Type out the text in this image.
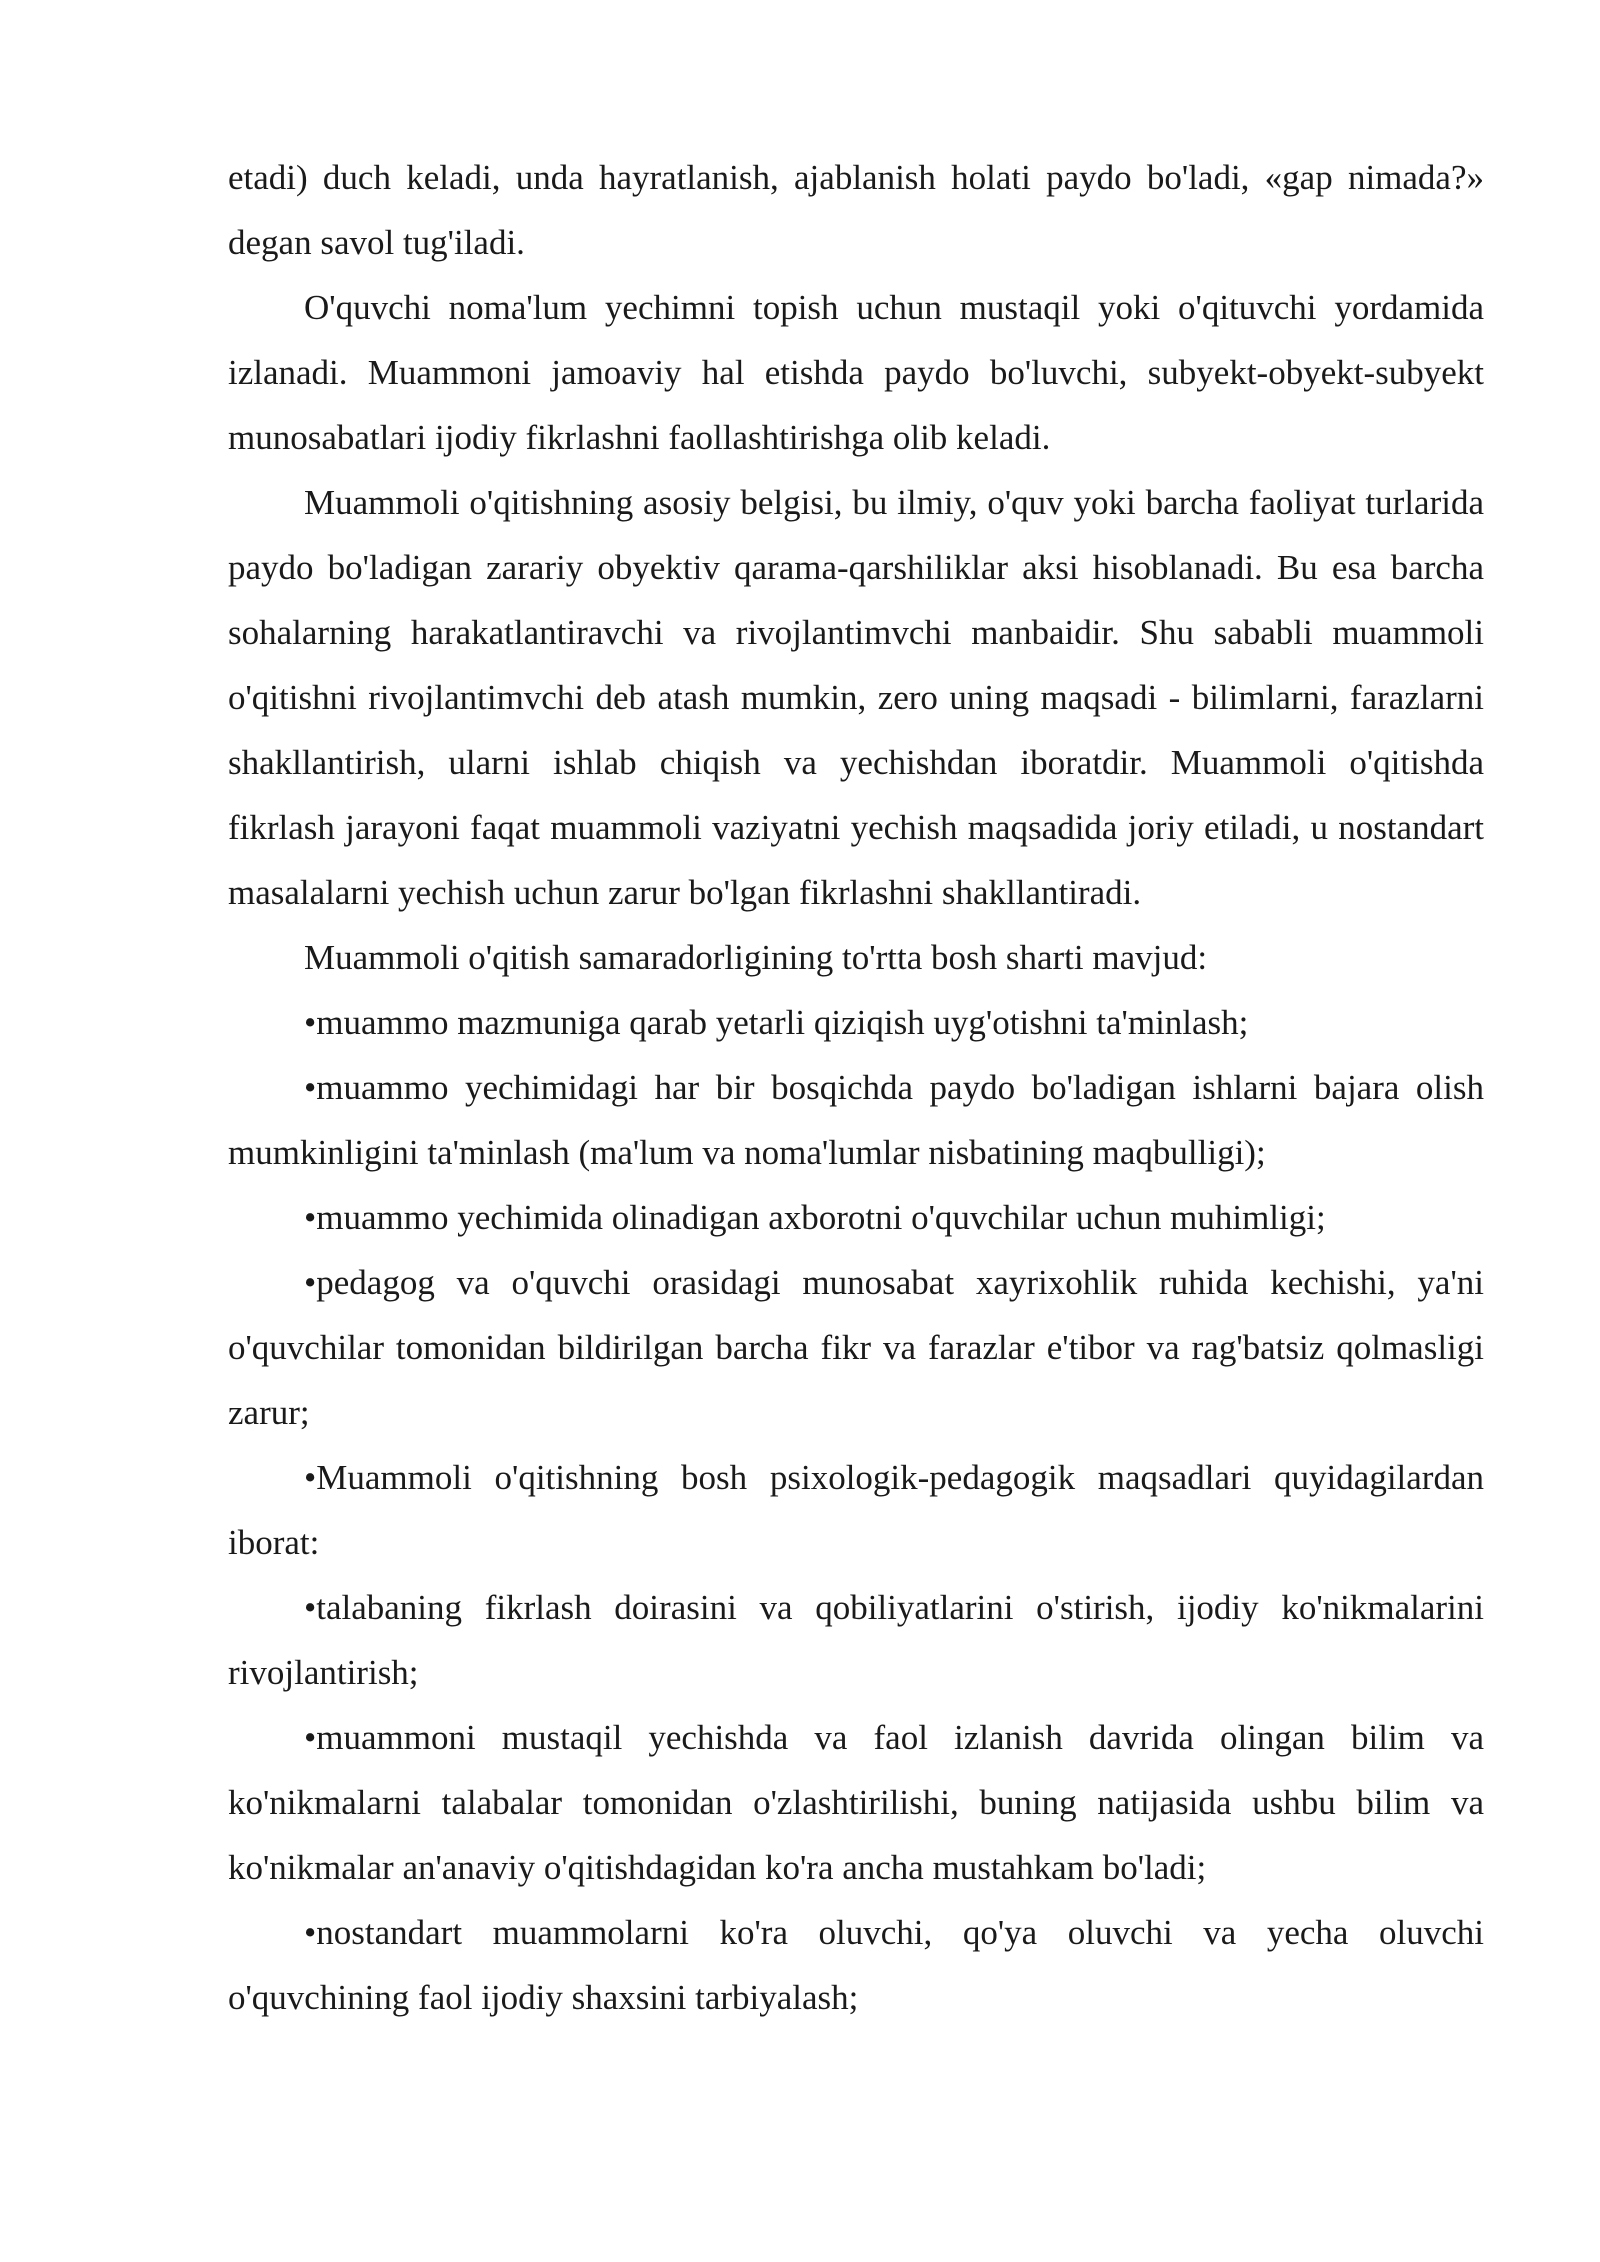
etadi) duch keladi, unda hayratlanish, ajablanish holati paydo bo'ladi, «gap nimada?» degan savol tug'iladi.

O'quvchi noma'lum yechimni topish uchun mustaqil yoki o'qituvchi yordamida izlanadi. Muammoni jamoaviy hal etishda paydo bo'luvchi, subyekt-obyekt-subyekt munosabatlari ijodiy fikrlashni faollashtirishga olib keladi.

Muammoli o'qitishning asosiy belgisi, bu ilmiy, o'quv yoki barcha faoliyat turlarida paydo bo'ladigan zarariy obyektiv qarama-qarshiliklar aksi hisoblanadi. Bu esa barcha sohalarning harakatlantiravchi va rivojlantimvchi manbaidir. Shu sababli muammoli o'qitishni rivojlantimvchi deb atash mumkin, zero uning maqsadi - bilimlarni, farazlarni shakllantirish, ularni ishlab chiqish va yechishdan iboratdir. Muammoli o'qitishda fikrlash jarayoni faqat muammoli vaziyatni yechish maqsadida joriy etiladi, u nostandart masalalarni yechish uchun zarur bo'lgan fikrlashni shakllantiradi.

Muammoli o'qitish samaradorligining to'rtta bosh sharti mavjud:

•muammo mazmuniga qarab yetarli qiziqish uyg'otishni ta'minlash;

•muammo yechimidagi har bir bosqichda paydo bo'ladigan ishlarni bajara olish mumkinligini ta'minlash (ma'lum va noma'lumlar nisbatining maqbulligi);

•muammo yechimida olinadigan axborotni o'quvchilar uchun muhimligi;

•pedagog va o'quvchi orasidagi munosabat xayrixohlik ruhida kechishi, ya'ni o'quvchilar tomonidan bildirilgan barcha fikr va farazlar e'tibor va rag'batsiz qolmasligi zarur;

•Muammoli o'qitishning bosh psixologik-pedagogik maqsadlari quyidagilardan iborat:

•talabaning fikrlash doirasini va qobiliyatlarini o'stirish, ijodiy ko'nikmalarini rivojlantirish;

•muammoni mustaqil yechishda va faol izlanish davrida olingan bilim va ko'nikmalarni talabalar tomonidan o'zlashtirilishi, buning natijasida ushbu bilim va ko'nikmalar an'anaviy o'qitishdagidan ko'ra ancha mustahkam bo'ladi;

•nostandart muammolarni ko'ra oluvchi, qo'ya oluvchi va yecha oluvchi o'quvchining faol ijodiy shaxsini tarbiyalash;
